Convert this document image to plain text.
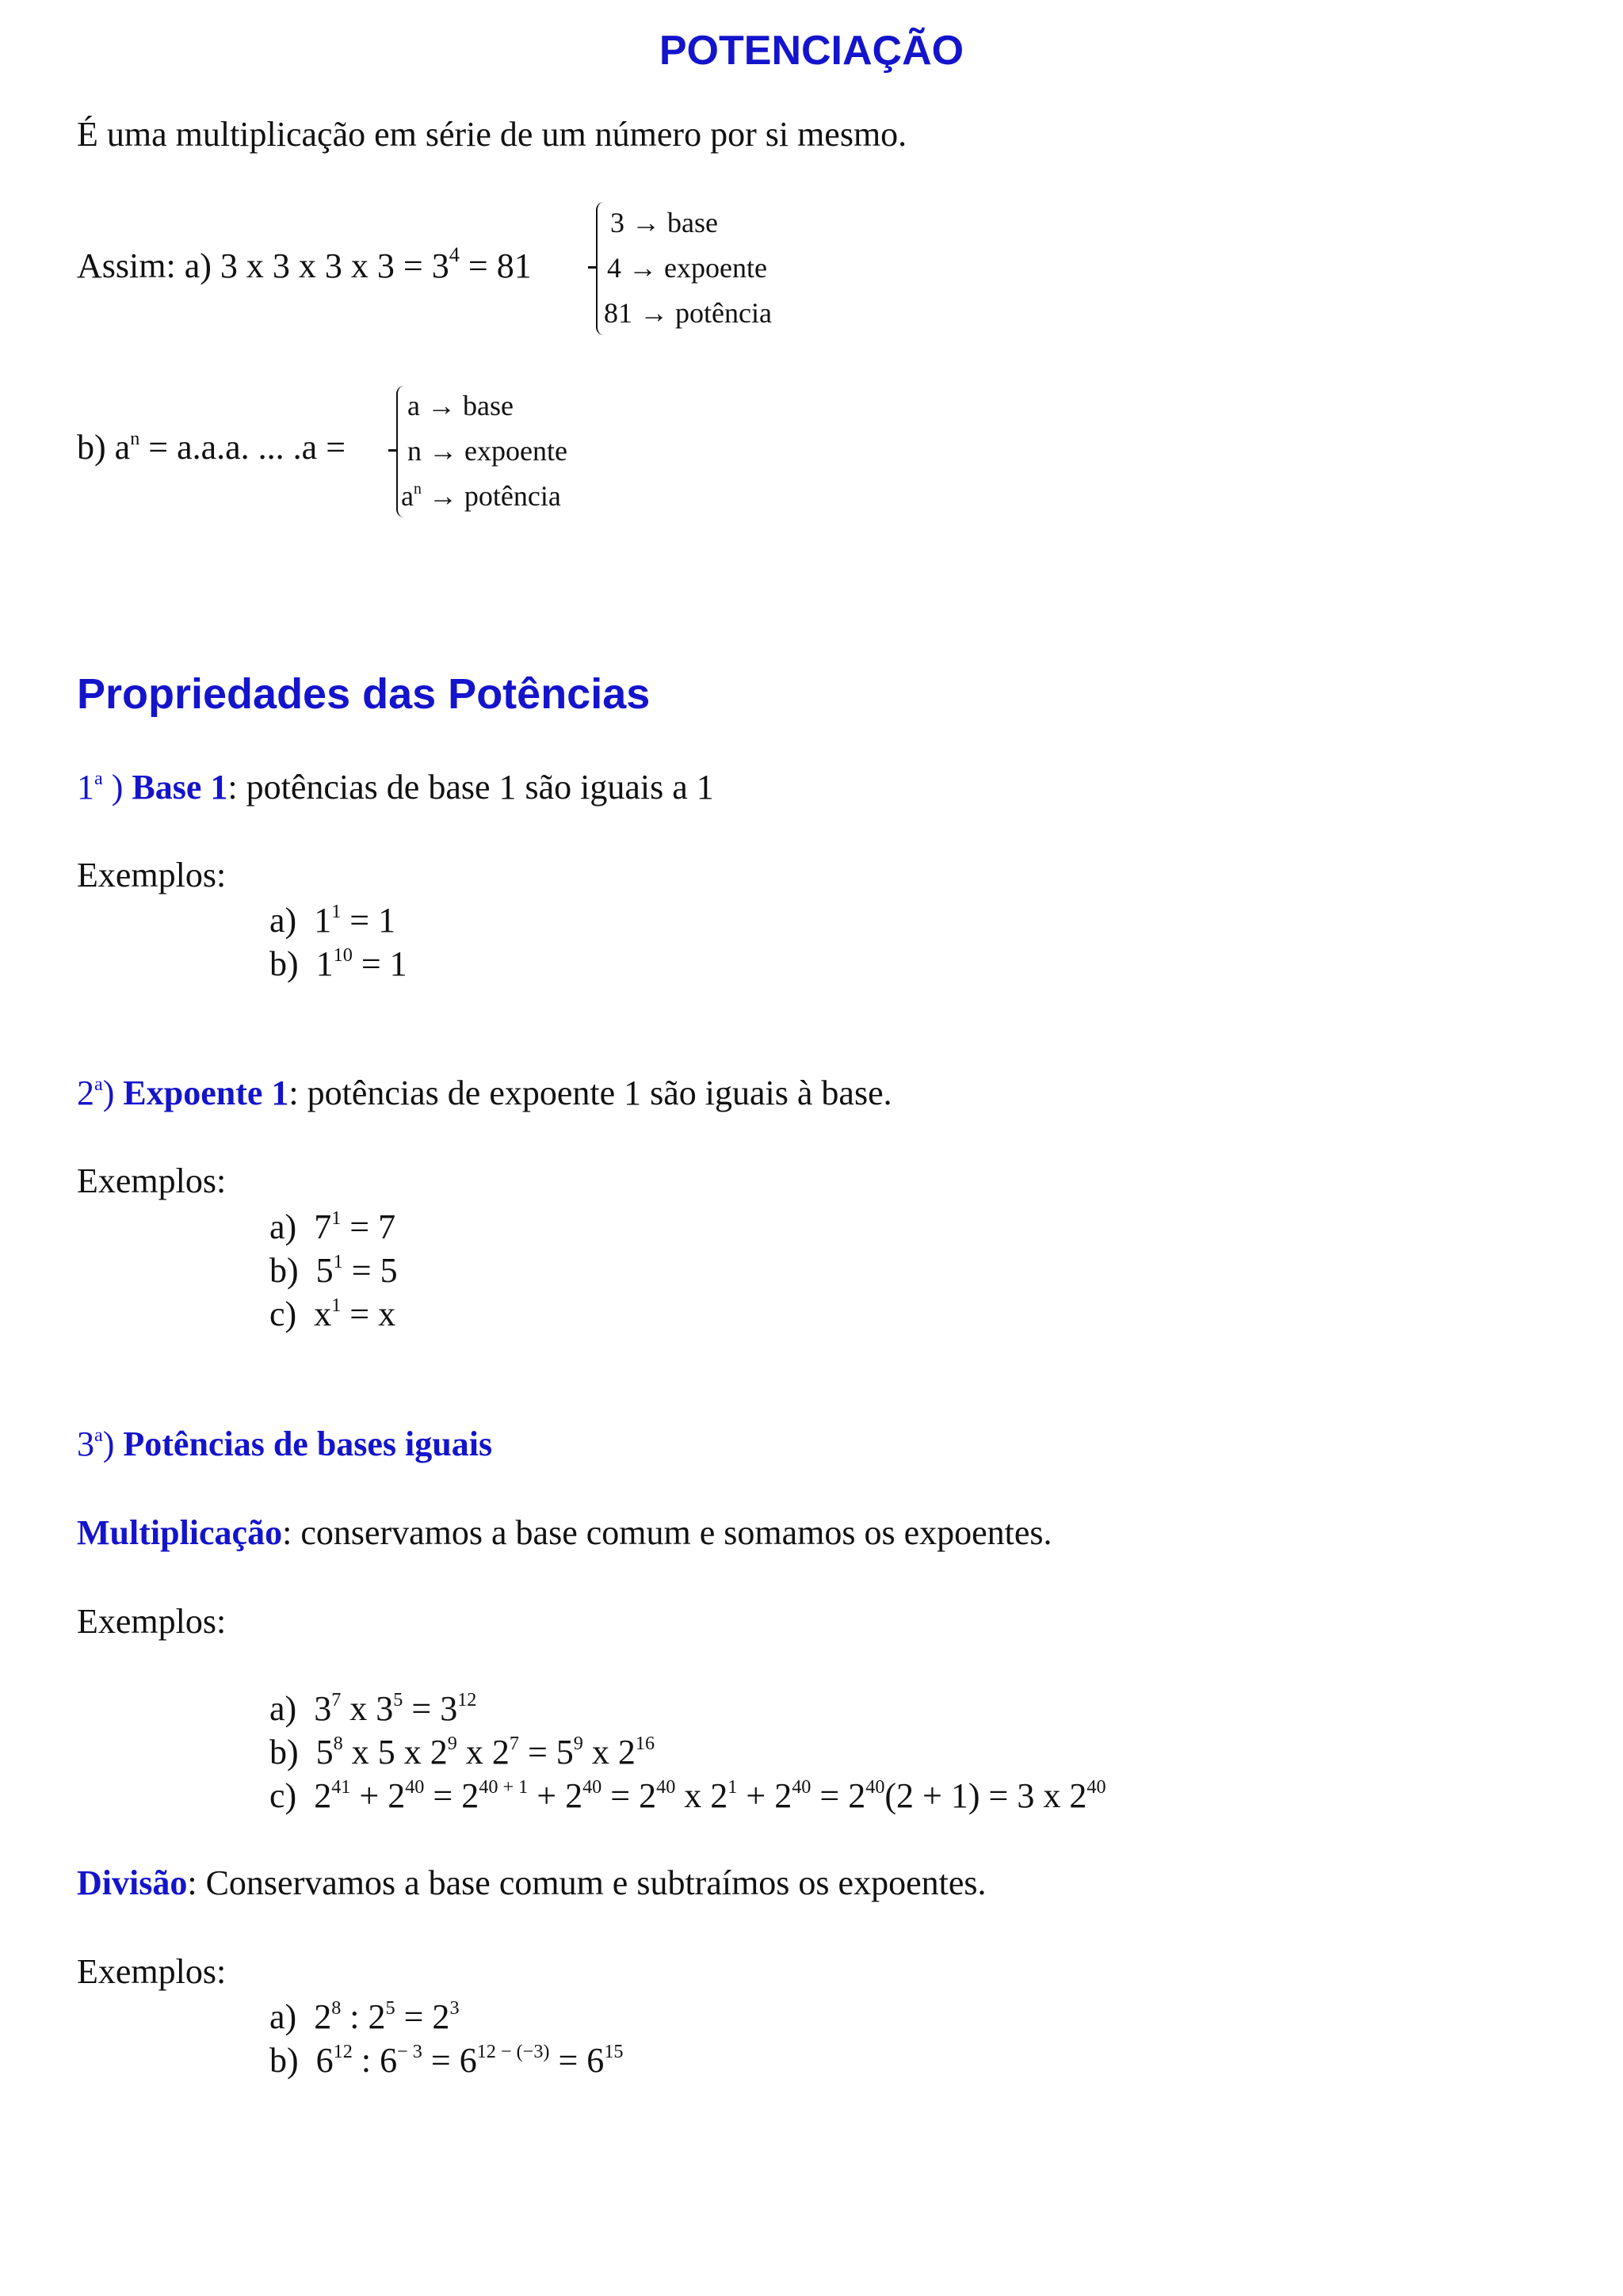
POTENCIAÇÃO
É uma multiplicação em série de um número por si mesmo.
Assim: a) 3 x 3 x 3 x $3 = 3^4 = 81$
3 → base
4 → expoente
81 → potência
b) $a^n = a.a.a$. ... .a =
a → base
n → expoente
$a^n$ → potência
Propriedades das Potências
1$^a$ ) Base 1: potências de base 1 são iguais a 1
Exemplos:
a) $1^1 = 1$
b) $1^{10} = 1$
2$^a$) Expoente 1: potências de expoente 1 são iguais à base.
Exemplos:
a) $7^1 = 7$
b) $5^1 = 5$
c) $x^1 = x$
3$^a$) Potências de bases iguais
Multiplicação: conservamos a base comum e somamos os expoentes.
Exemplos:
a) $3^7$ x $3^5 = 3^{12}$
b) $5^8$ x 5 x $2^9$ x $2^7 = 5^9$ x $2^{16}$
c) $2^{41} + 2^{40} = 2^{40 + 1} + 2^{40} = 2^{40}$ x $2^1 + 2^{40} = 2^{40}(2 + 1) = 3$ x $2^{40}$
Divisão: Conservamos a base comum e subtraímos os expoentes.
Exemplos:
a) $2^8$ : $2^5 = 2^3$
b) $6^{12}$ : $6^{- 3} = 6^{12 - (-3)} = 6^{15}$
